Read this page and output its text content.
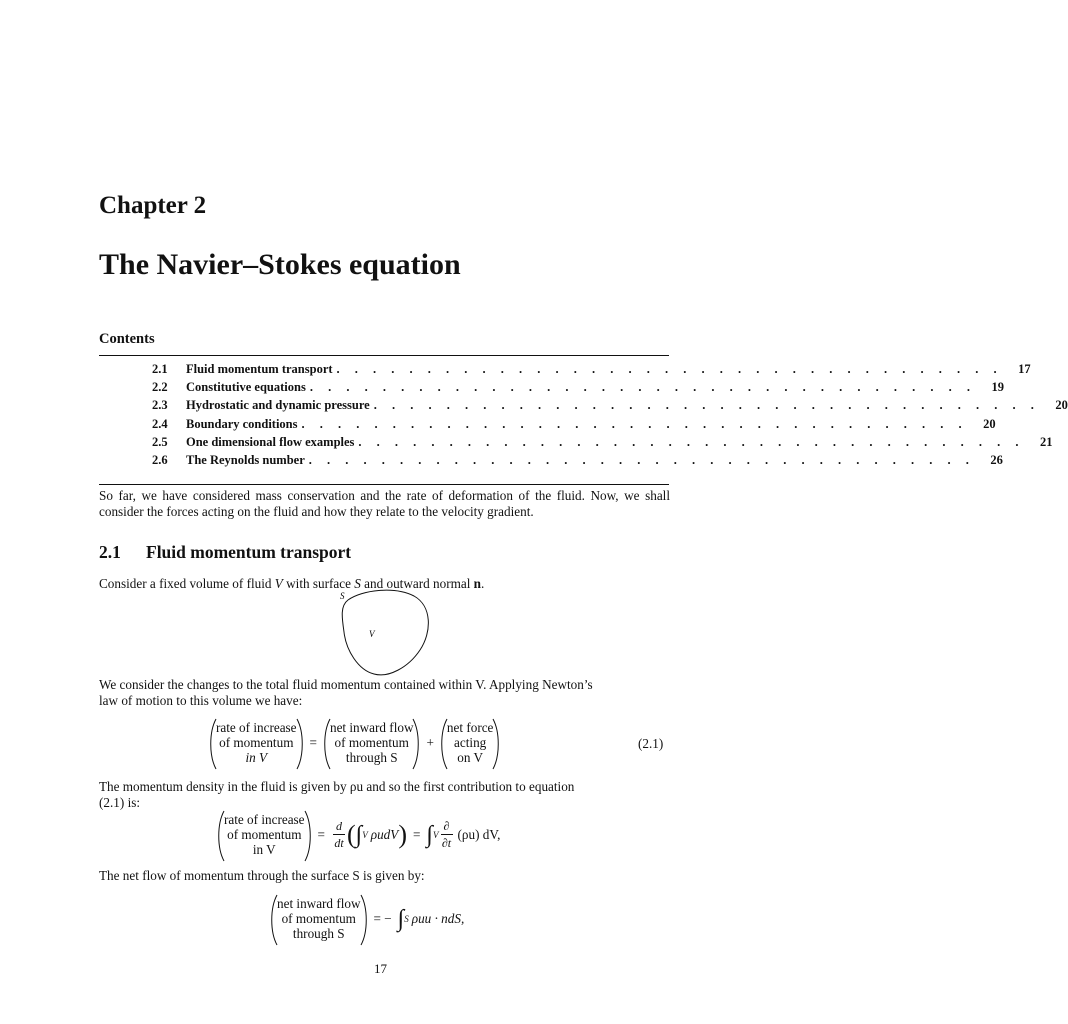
Chapter 2
The Navier–Stokes equation
Contents
2.1	Fluid momentum transport . . . . . . . . . . . . . . . . . . . . . . . . . . . . . . . . . . . . .	17
2.2	Constitutive equations . . . . . . . . . . . . . . . . . . . . . . . . . . . . . . . . . . . . .	19
2.3	Hydrostatic and dynamic pressure . . . . . . . . . . . . . . . . . . . . . . . . . . . . . . . . . . . . .	20
2.4	Boundary conditions . . . . . . . . . . . . . . . . . . . . . . . . . . . . . . . . . . . . .	20
2.5	One dimensional flow examples . . . . . . . . . . . . . . . . . . . . . . . . . . . . . . . . . . . . .	21
2.6	The Reynolds number . . . . . . . . . . . . . . . . . . . . . . . . . . . . . . . . . . . . .	26
So far, we have considered mass conservation and the rate of deformation of the fluid. Now, we shall consider the forces acting on the fluid and how they relate to the velocity gradient.
2.1 Fluid momentum transport
Consider a fixed volume of fluid V with surface S and outward normal n.
S
V
We consider the changes to the total fluid momentum contained within V. Applying Newton’s
law of motion to this volume we have:
rate of increase
of momentum
in V
=
net inward flow
of momentum
through S
+
net force
acting
on V
(2.1)
The momentum density in the fluid is given by ρu and so the first contribution to equation
(2.1) is:
rate of increase
of momentum
in V
= $\frac{d}{dt}$ ( ∫ V ρudV ) = ∫ V $\frac{\partial}{\partial t} (\rho u)$ dV,
The net flow of momentum through the surface S is given by:
net inward flow
of momentum
through S
= − ∫ S ρuu · ndS,
17
